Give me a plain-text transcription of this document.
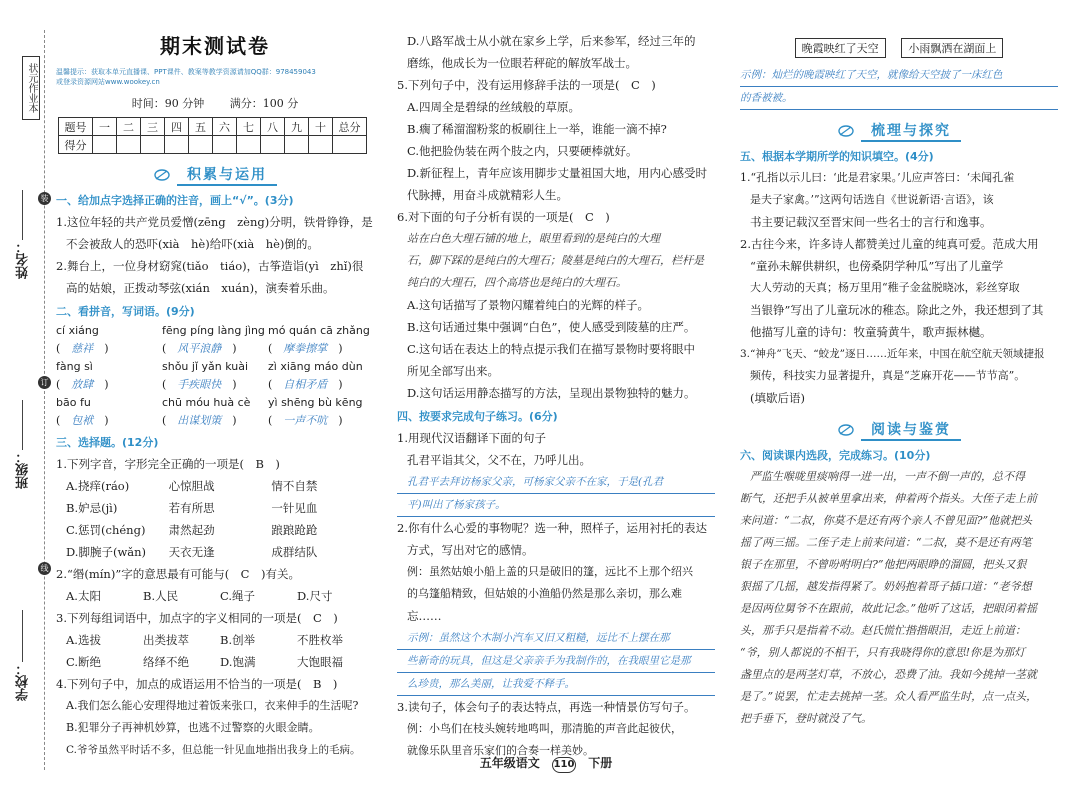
状元作业本
姓名：
班级：
学校：
装
订
线
期末测试卷
温馨提示：获取本单元直播课、PPT课件、教案等教学资源请加QQ群：978459043
或登录资源网站www.wookey.cn
时间：90 分钟　　 满分：100 分
题号	一	二	三	四	五	六	七	八	九	十	总分
得分											
积累与运用
一、给加点字选择正确的注音，画上“√”。(3分)
1.这位年轻的共产党员爱憎(zēng　zèng)分明，铁骨铮铮，是
不会被敌人的恐吓(xià　hè)给吓(xià　hè)倒的。
2.舞台上，一位身材窈窕(tiǎo　tiáo)，古筝造诣(yì　zhǐ)很
高的姑娘，正拨动琴弦(xián　xuán)，演奏着乐曲。
二、看拼音，写词语。(9分)
cí xiáng	fēng píng làng jìng mó quán cā zhǎng
(　慈祥　)	(　风平浪静　)	(　摩拳擦掌　)
fàng sì	shǒu jǐ yǎn kuài	zì xiāng máo dùn
(　放肆　)	(　手疾眼快　)	(　自相矛盾　)
bāo fu	chū móu huà cè	yì shēng bù kēng
(　包袱　)	(　出谋划策　)	(　一声不吭　)
三、选择题。(12分)
1.下列字音，字形完全正确的一项是(　B　)
A.挠痒(ráo)	心惊胆战	情不自禁
B.妒忌(jì)	若有所思	一针见血
C.惩罚(chéng)	肃然起劲	踉踉跄跄
D.脚腕子(wǎn)	天衣无逢	成群结队
2.“缗(mín)”字的意思最有可能与(　C　)有关。
A.太阳	B.人民	C.绳子	D.尺寸
3.下列每组词语中，加点字的字义相同的一项是(　C　)
A.选拔	出类拔萃	B.创举	不胜枚举
C.断绝	络绎不绝	D.饱满	大饱眼福
4.下列句子中，加点的成语运用不恰当的一项是(　B　)
A.我们怎么能心安理得地过着饭来张口，衣来伸手的生活呢?
B.犯罪分子再神机妙算，也逃不过警察的火眼金睛。
C.爷爷虽然平时话不多，但总能一针见血地指出我身上的毛病。
D.八路军战士从小就在家乡上学，后来参军，经过三年的
磨练，他成长为一位眼若秤砣的解放军战士。
5.下列句子中，没有运用修辞手法的一项是(　C　)
A.四周全是碧绿的丝绒般的草原。
B.瘸了稀溜溜粉浆的板刷往上一举，谁能一滴不掉?
C.他把脸伪装在两个肢之内，只要硬棒就好。
D.新征程上，青年应该用脚步丈量祖国大地，用内心感受时
代脉搏，用奋斗成就精彩人生。
6.对下面的句子分析有误的一项是(　C　)
站在白色大理石铺的地上，眼里看到的是纯白的大理
石，脚下踩的是纯白的大理石；陵墓是纯白的大理石，栏杆是
纯白的大理石，四个高塔也是纯白的大理石。
A.这句话描写了景物闪耀着纯白的光辉的样子。
B.这句话通过集中强调“白色”，使人感受到陵墓的庄严。
C.这句话在表达上的特点提示我们在描写景物时要将眼中
所见全部写出来。
D.这句话运用静态描写的方法，呈现出景物独特的魅力。
四、按要求完成句子练习。(6分)
1.用现代汉语翻译下面的句子
孔君平诣其父，父不在，乃呼儿出。
孔君平去拜访杨家父亲，可杨家父亲不在家，于是(孔君
平)叫出了杨家孩子。
2.你有什么心爱的事物呢？选一种，照样子，运用衬托的表达
方式，写出对它的感情。
例：虽然姑娘小船上盖的只是破旧的篷，远比不上那个绍兴
的乌篷船精致，但姑娘的小渔船仍然是那么亲切，那么难
忘……
示例：虽然这个木制小汽车又旧又粗糙，远比不上摆在那
些新奇的玩具，但这是父亲亲手为我制作的，在我眼里它是那
么珍贵，那么美丽，让我爱不释手。
3.读句子，体会句子的表达特点，再选一种情景仿写句子。
例：小鸟们在枝头婉转地鸣叫，那清脆的声音此起彼伏，
就像乐队里音乐家们的合奏一样美妙。
晚霞映红了天空	小雨飘洒在湖面上
示例：灿烂的晚霞映红了天空，就像给天空披了一床红色
的香被被。
梳理与探究
五、根据本学期所学的知识填空。(4分)
1.“孔指以示儿曰：‘此是君家果。’儿应声答曰：‘未闻孔雀
是夫子家禽。’”这两句话选自《世说新语·言语》，该
书主要记载汉至晋宋间一些名士的言行和逸事。
2.古往今来，许多诗人都赞美过儿童的纯真可爱。范成大用
“童孙未解供耕织，也傍桑阴学种瓜”写出了儿童学
大人劳动的天真；杨万里用“稚子金盆脱晓冰，彩丝穿取
当银铮”写出了儿童玩冰的稚态。除此之外，我还想到了其
他描写儿童的诗句：牧童骑黄牛，歌声振林樾。
3.“神舟”飞天、“蛟龙”逐日……近年来，中国在航空航天领域捷报
频传，科技实力显著提升，真是“芝麻开花——节节高”。
(填歇后语)
阅读与鉴赏
六、阅读课内选段，完成练习。(10分)
严监生喉咙里痰响得一进一出，一声不倒一声的，总不得
断气，还把手从被单里拿出来，伸着两个指头。大侄子走上前
来问道：“二叔，你莫不是还有两个亲人不曾见面?”他就把头
摇了两三摇。二侄子走上前来问道：“二叔，莫不是还有两笔
银子在那里，不曾吩咐明白?”他把两眼睁的溜圆，把头又狠
狠摇了几摇，越发指得紧了。奶妈抱着哥子插口道：“老爷想
是因两位舅爷不在跟前，故此记念。”他听了这话，把眼闭着摇
头，那手只是指着不动。赵氏慌忙揩揩眼泪，走近上前道：
“爷，别人都说的不相干，只有我晓得你的意思!你是为那灯
盏里点的是两茎灯草，不放心，恐费了油。我如今挑掉一茎就
是了。”说罢，忙走去挑掉一茎。众人看严监生时，点一点头，
把手垂下，登时就没了气。
五年级语文 110 下册
